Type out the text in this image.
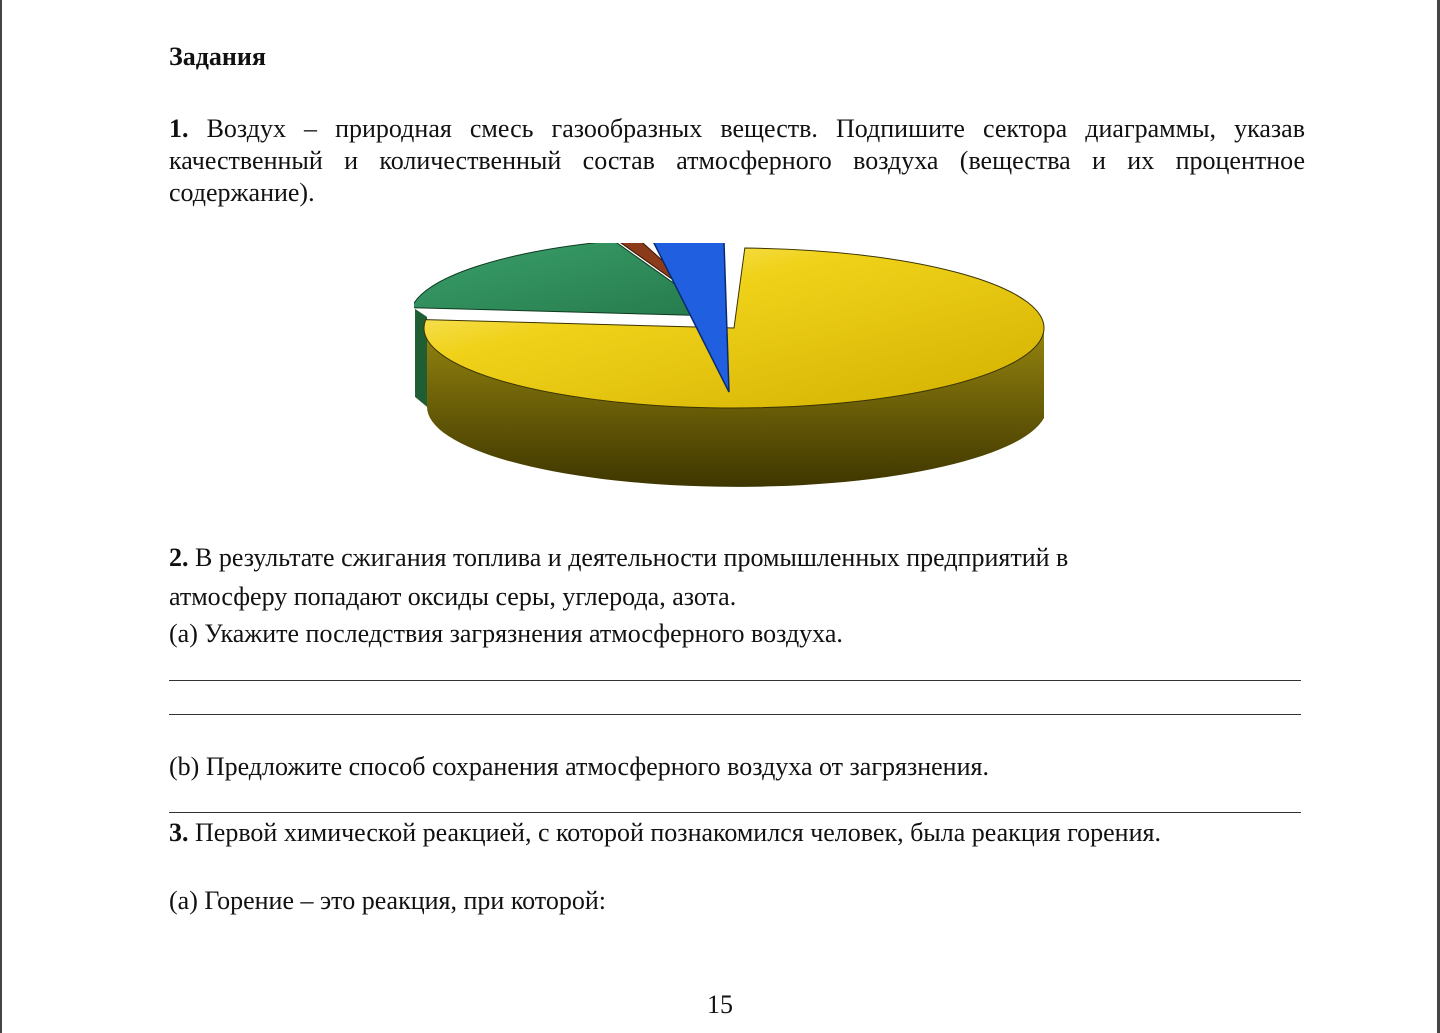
Задания
1. Воздух – природная смесь газообразных веществ. Подпишите сектора диаграммы, указав качественный и количественный состав атмосферного воздуха (вещества и их процентное содержание).
2. В результате сжигания топлива и деятельности промышленных предприятий в
атмосферу попадают оксиды серы, углерода, азота.
(a) Укажите последствия загрязнения атмосферного воздуха.
(b) Предложите способ сохранения атмосферного воздуха от загрязнения.
3. Первой химической реакцией, с которой познакомился человек, была реакция горения.
(a) Горение – это реакция, при которой:
15
